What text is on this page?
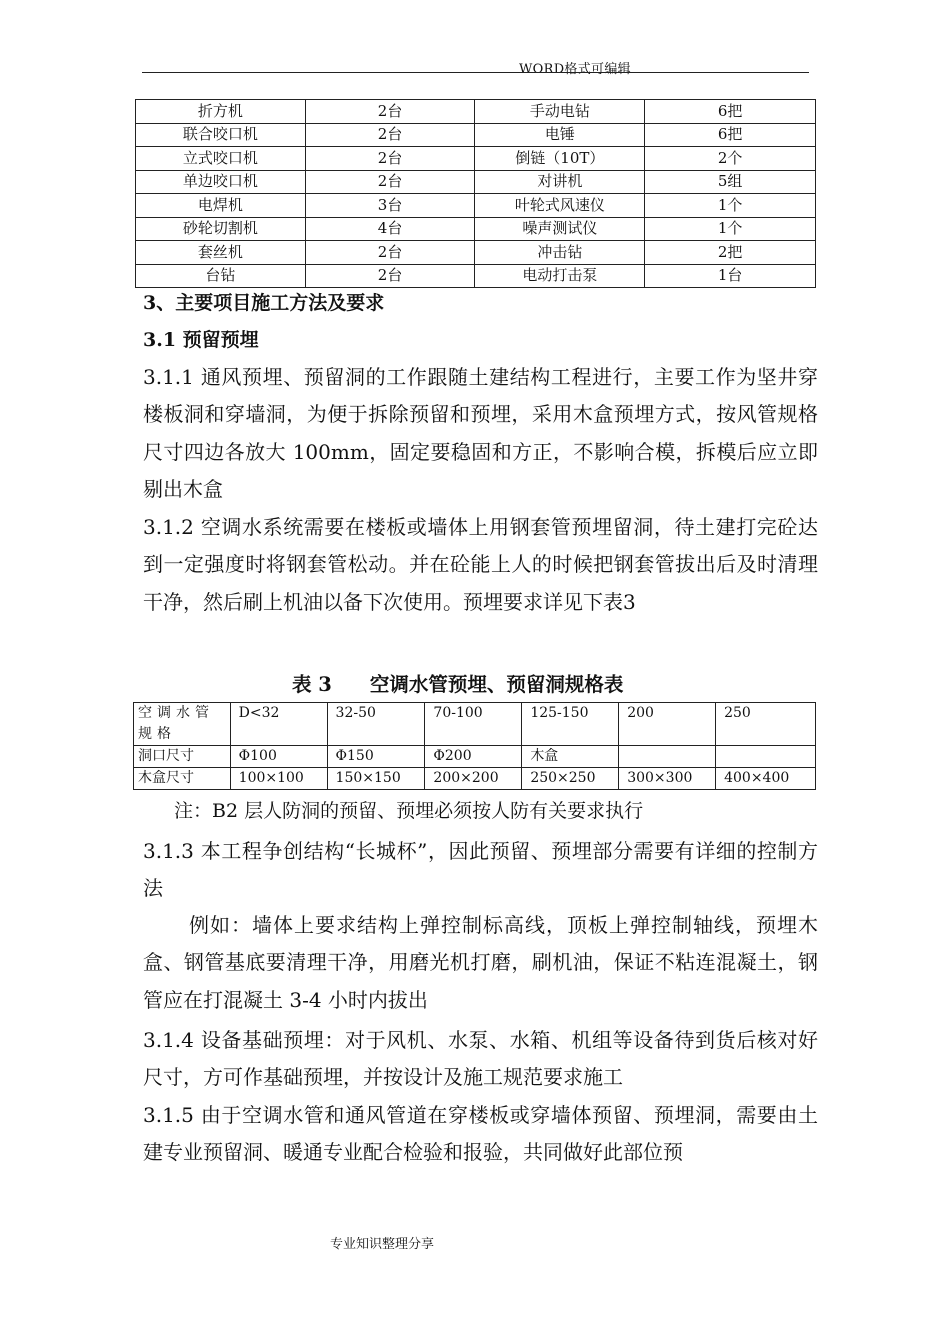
WORD格式可编辑
折方机	2台	手动电钻	6把
联合咬口机	2台	电锤	6把
立式咬口机	2台	倒链（10T）	2个
单边咬口机	2台	对讲机	5组
电焊机	3台	叶轮式风速仪	1个
砂轮切割机	4台	噪声测试仪	1个
套丝机	2台	冲击钻	2把
台钻	2台	电动打击泵	1台
3、主要项目施工方法及要求
3.1 预留预埋

3.1.1 通风预埋、预留洞的工作跟随土建结构工程进行，主要工作为坚井穿楼板洞和穿墙洞，为便于拆除预留和预埋，采用木盒预埋方式，按风管规格尺寸四边各放大 100mm，固定要稳固和方正，不影响合模，拆模后应立即剔出木盒

3.1.2 空调水系统需要在楼板或墙体上用钢套管预埋留洞，待土建打完砼达到一定强度时将钢套管松动。并在砼能上人的时候把钢套管拔出后及时清理干净，然后刷上机油以备下次使用。预埋要求详见下表3

表 3 空调水管预埋、预留洞规格表
空调水管规格	D<32	32-50	70-100	125-150	200	250
洞口尺寸	Φ100	Φ150	Φ200	木盒		
木盒尺寸	100×100	150×150	200×200	250×250	300×300	400×400
注：B2 层人防洞的预留、预埋必须按人防有关要求执行

3.1.3 本工程争创结构“长城杯”，因此预留、预埋部分需要有详细的控制方法

例如：墙体上要求结构上弹控制标高线，顶板上弹控制轴线，预埋木盒、钢管基底要清理干净，用磨光机打磨，刷机油，保证不粘连混凝土，钢管应在打混凝土 3-4 小时内拔出

3.1.4 设备基础预埋：对于风机、水泵、水箱、机组等设备待到货后核对好尺寸，方可作基础预埋，并按设计及施工规范要求施工

3.1.5 由于空调水管和通风管道在穿楼板或穿墙体预留、预埋洞，需要由土建专业预留洞、暖通专业配合检验和报验，共同做好此部位预

专业知识整理分享
